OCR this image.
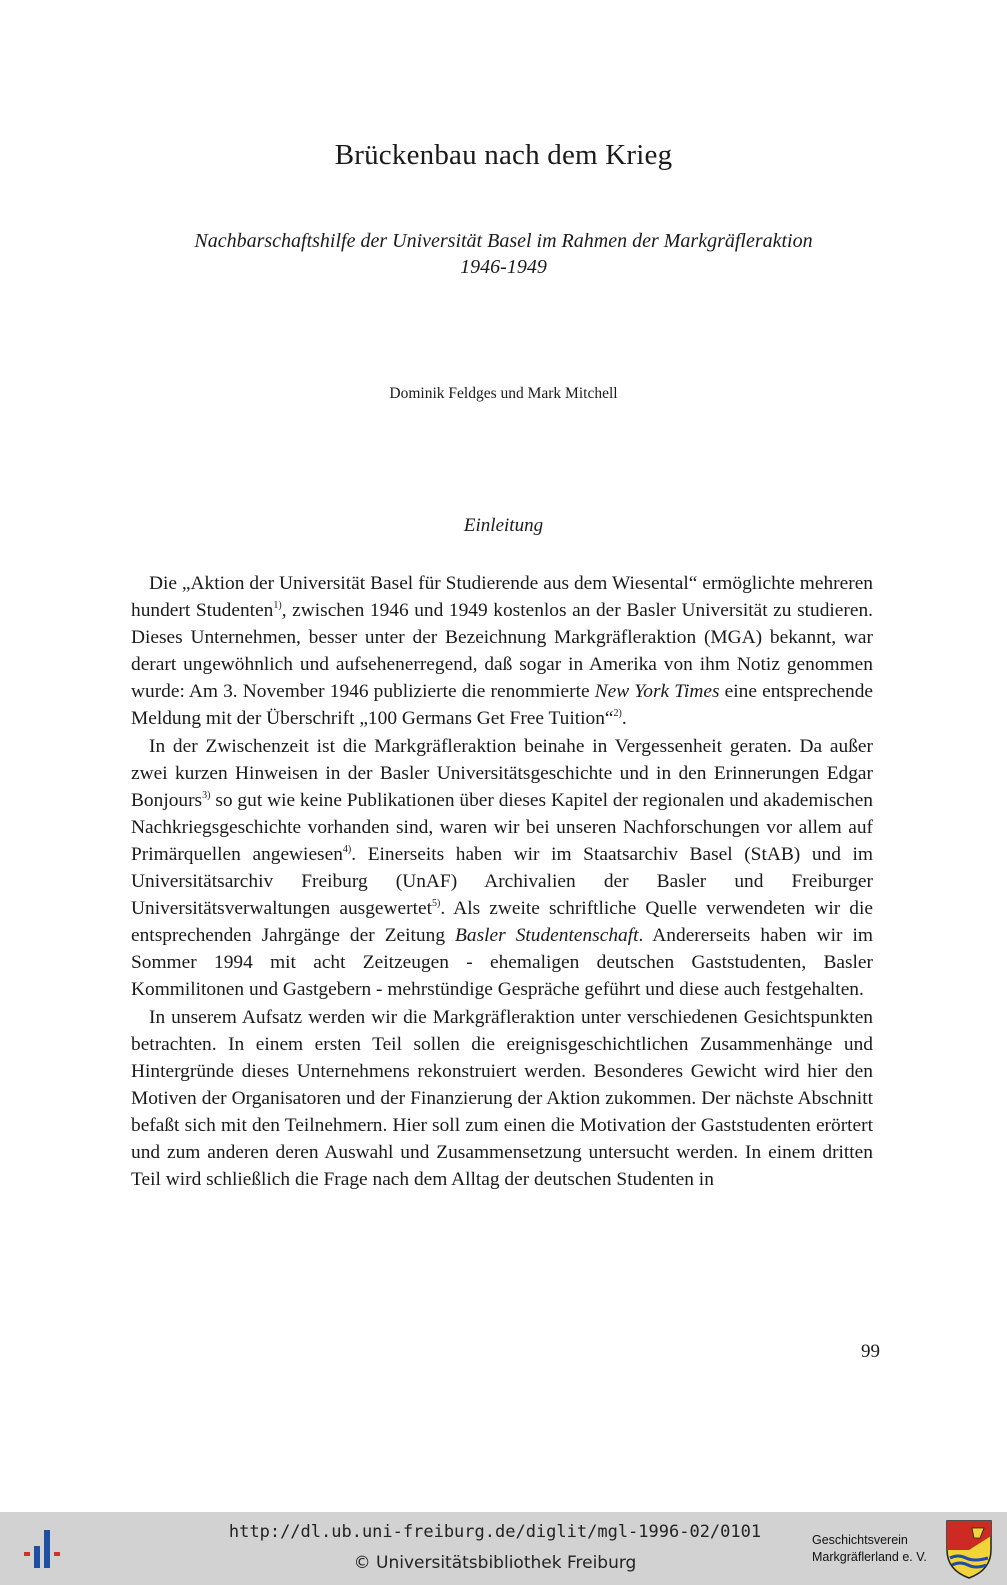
Brückenbau nach dem Krieg
Nachbarschaftshilfe der Universität Basel im Rahmen der Markgräfleraktion
1946-1949
Dominik Feldges und Mark Mitchell
Einleitung

Die „Aktion der Universität Basel für Studierende aus dem Wiesental“ ermöglichte mehreren hundert Studenten$^{1)}$, zwischen 1946 und 1949 kostenlos an der Basler Universität zu studieren. Dieses Unternehmen, besser unter der Bezeichnung Markgräfleraktion (MGA) bekannt, war derart ungewöhnlich und aufsehenerregend, daß sogar in Amerika von ihm Notiz genommen wurde: Am 3. November 1946 publizierte die renommierte New York Times eine entsprechende Meldung mit der Überschrift „100 Germans Get Free Tuition“$^{2)}$.

In der Zwischenzeit ist die Markgräfleraktion beinahe in Vergessenheit geraten. Da außer zwei kurzen Hinweisen in der Basler Universitätsgeschichte und in den Erinnerungen Edgar Bonjours$^{3)}$ so gut wie keine Publikationen über dieses Kapitel der regionalen und akademischen Nachkriegsgeschichte vorhanden sind, waren wir bei unseren Nachforschungen vor allem auf Primärquellen angewiesen$^{4)}$. Einerseits haben wir im Staatsarchiv Basel (StAB) und im Universitätsarchiv Freiburg (UnAF) Archivalien der Basler und Freiburger Universitätsverwaltungen ausgewertet$^{5)}$. Als zweite schriftliche Quelle verwendeten wir die entsprechenden Jahrgänge der Zeitung Basler Studentenschaft. Andererseits haben wir im Sommer 1994 mit acht Zeitzeugen - ehemaligen deutschen Gaststudenten, Basler Kommilitonen und Gastgebern - mehrstündige Gespräche geführt und diese auch festgehalten.

In unserem Aufsatz werden wir die Markgräfleraktion unter verschiedenen Gesichtspunkten betrachten. In einem ersten Teil sollen die ereignisgeschichtlichen Zusammenhänge und Hintergründe dieses Unternehmens rekonstruiert werden. Besonderes Gewicht wird hier den Motiven der Organisatoren und der Finanzierung der Aktion zukommen. Der nächste Abschnitt befaßt sich mit den Teilnehmern. Hier soll zum einen die Motivation der Gaststudenten erörtert und zum anderen deren Auswahl und Zusammensetzung untersucht werden. In einem dritten Teil wird schließlich die Frage nach dem Alltag der deutschen Studenten in

99
http://dl.ub.uni-freiburg.de/diglit/mgl-1996-02/0101
© Universitätsbibliothek Freiburg
Geschichtsverein
Markgräflerland e. V.
